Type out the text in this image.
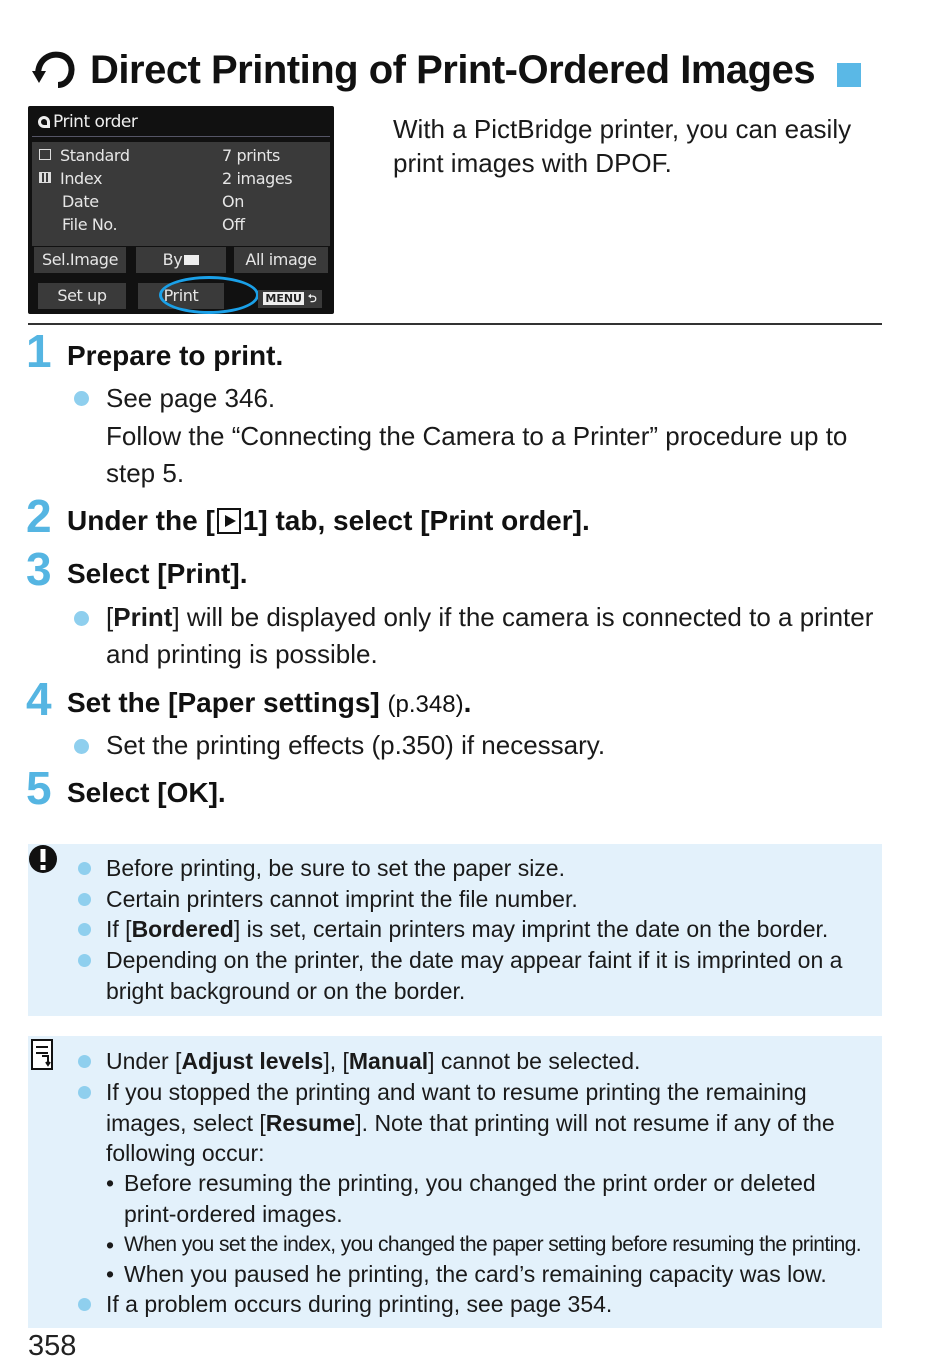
Direct Printing of Print-Ordered Images
Print order
Standard	7 prints
Index	2 images
Date	On
File No.	Off
Sel.Image	By	All image
Set up	Print	MENU ⮌
With a PictBridge printer, you can easily print images with DPOF.
1 Prepare to print.
See page 346.
Follow the “Connecting the Camera to a Printer” procedure up to step 5.
2 Under the [ 1] tab, select [Print order].
3 Select [Print].
[Print] will be displayed only if the camera is connected to a printer and printing is possible.
4 Set the [Paper settings] (p.348).
Set the printing effects (p.350) if necessary.
5 Select [OK].
Before printing, be sure to set the paper size.
Certain printers cannot imprint the file number.
If [Bordered] is set, certain printers may imprint the date on the border.
Depending on the printer, the date may appear faint if it is imprinted on a bright background or on the border.
Under [Adjust levels], [Manual] cannot be selected.
If you stopped the printing and want to resume printing the remaining images, select [Resume]. Note that printing will not resume if any of the following occur:
• Before resuming the printing, you changed the print order or deleted print-ordered images.
• When you set the index, you changed the paper setting before resuming the printing.
• When you paused he printing, the card’s remaining capacity was low.
If a problem occurs during printing, see page 354.
358
